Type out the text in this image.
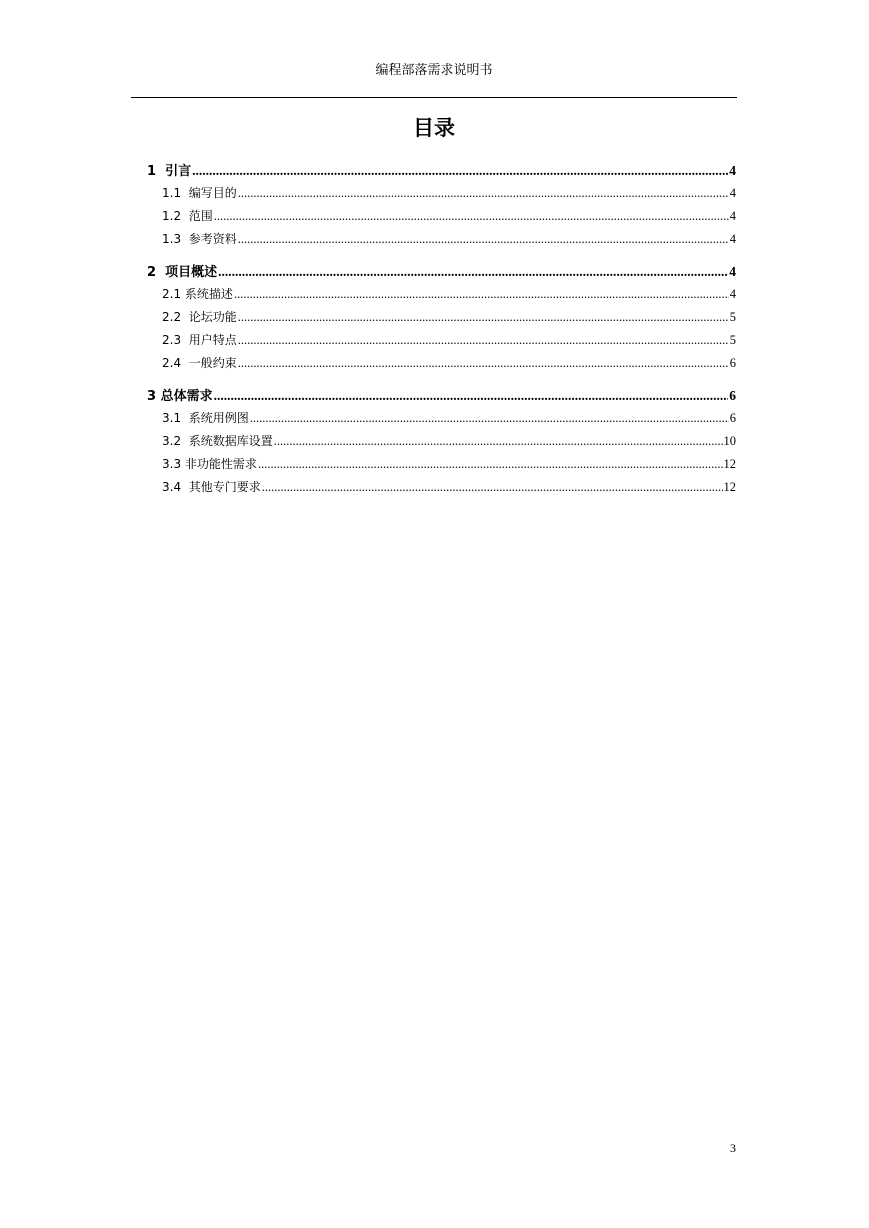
编程部落需求说明书
目录
1 引言 .....	4
1.1 编写目的 .....	4
1.2 范围 .....	4
1.3 参考资料 .....	4
2 项目概述 .....	4
2.1 系统描述 .....	4
2.2 论坛功能 .....	5
2.3 用户特点 .....	5
2.4 一般约束 .....	6
3 总体需求 .....	6
3.1 系统用例图 .....	6
3.2 系统数据库设置 .....	10
3.3 非功能性需求 .....	12
3.4 其他专门要求 .....	12
3
